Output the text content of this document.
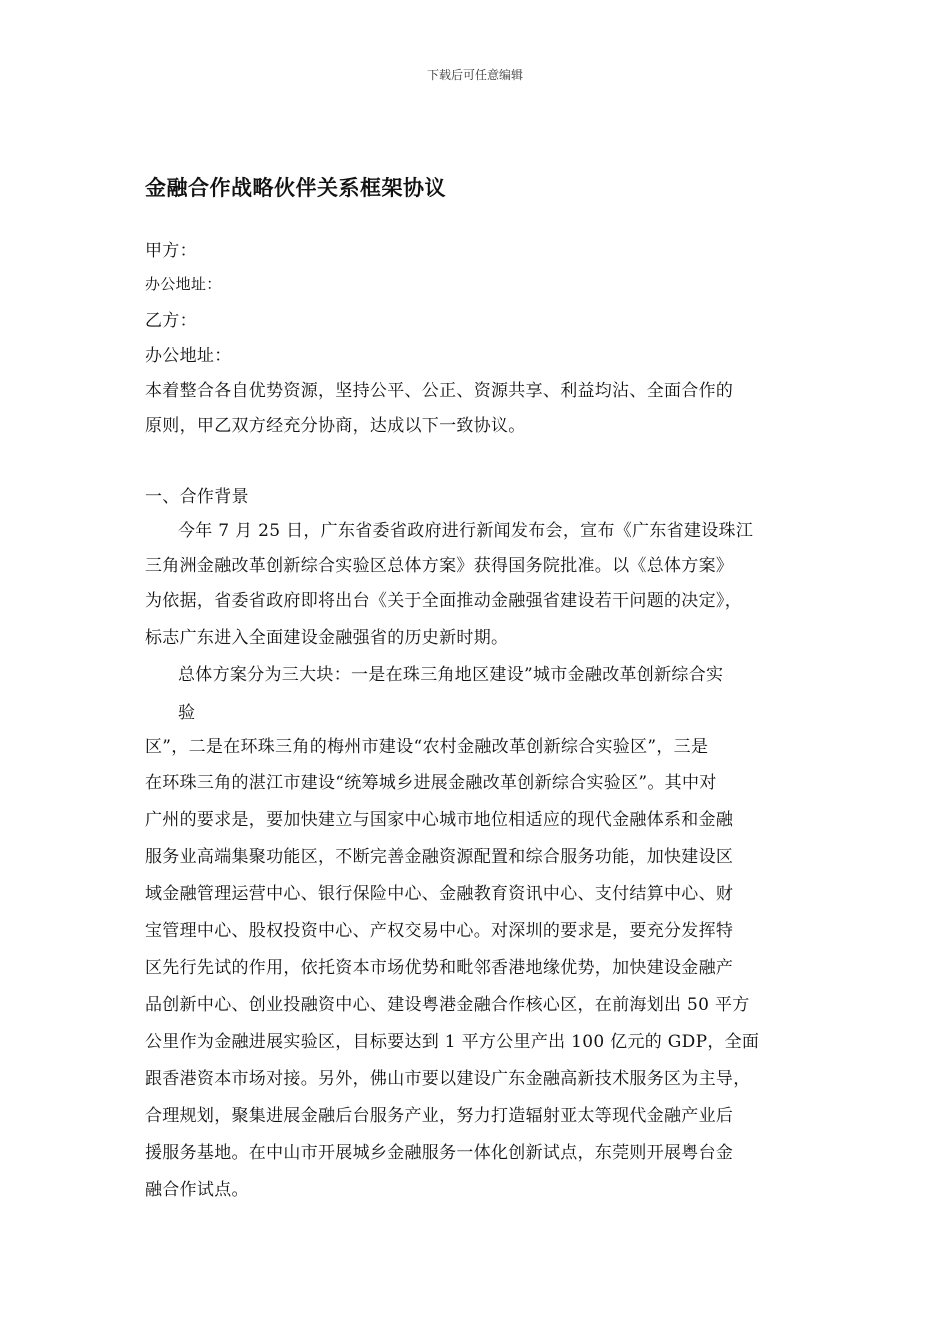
下载后可任意编辑
金融合作战略伙伴关系框架协议
甲方：
办公地址：
乙方：
办公地址：
本着整合各自优势资源，坚持公平、公正、资源共享、利益均沾、全面合作的
原则，甲乙双方经充分协商，达成以下一致协议。
一、合作背景
今年 7 月 25 日，广东省委省政府进行新闻发布会，宣布《广东省建设珠江
三角洲金融改革创新综合实验区总体方案》获得国务院批准。以《总体方案》
为依据，省委省政府即将出台《关于全面推动金融强省建设若干问题的决定》，
标志广东进入全面建设金融强省的历史新时期。
总体方案分为三大块：一是在珠三角地区建设”城市金融改革创新综合实
验
区”，二是在环珠三角的梅州市建设“农村金融改革创新综合实验区”，三是
在环珠三角的湛江市建设“统筹城乡进展金融改革创新综合实验区”。其中对
广州的要求是，要加快建立与国家中心城市地位相适应的现代金融体系和金融
服务业高端集聚功能区，不断完善金融资源配置和综合服务功能，加快建设区
域金融管理运营中心、银行保险中心、金融教育资讯中心、支付结算中心、财
宝管理中心、股权投资中心、产权交易中心。对深圳的要求是，要充分发挥特
区先行先试的作用，依托资本市场优势和毗邻香港地缘优势，加快建设金融产
品创新中心、创业投融资中心、建设粤港金融合作核心区，在前海划出 50 平方
公里作为金融进展实验区，目标要达到 1 平方公里产出 100 亿元的 GDP，全面
跟香港资本市场对接。另外，佛山市要以建设广东金融高新技术服务区为主导，
合理规划，聚集进展金融后台服务产业，努力打造辐射亚太等现代金融产业后
援服务基地。在中山市开展城乡金融服务一体化创新试点，东莞则开展粤台金
融合作试点。
